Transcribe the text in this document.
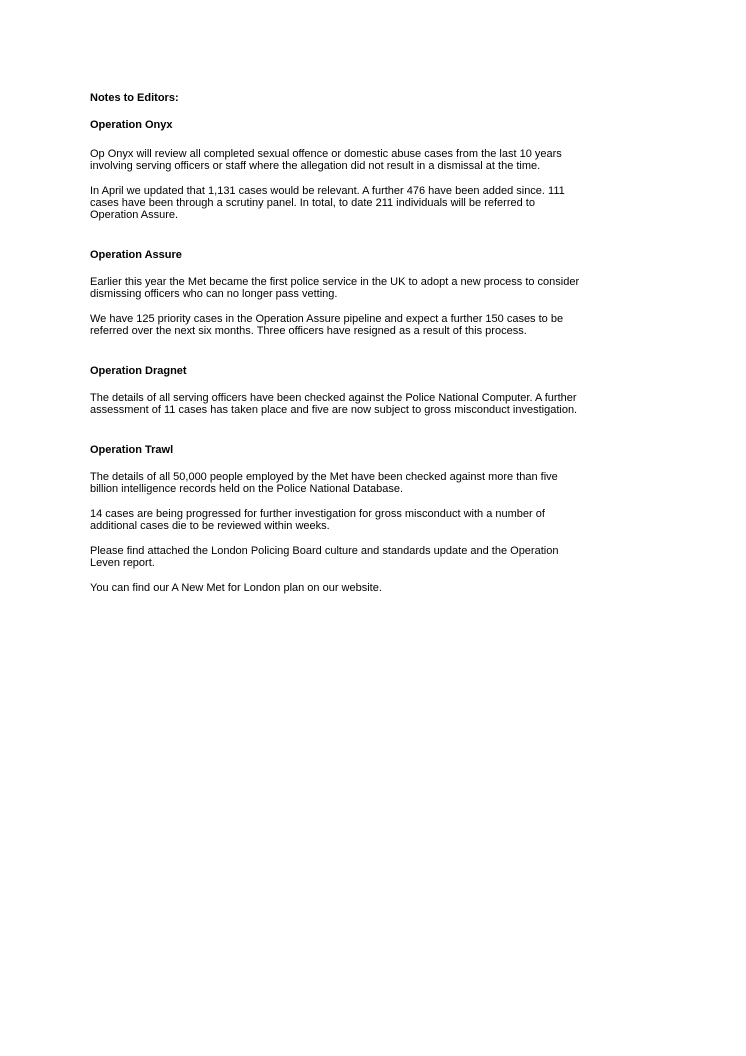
Notes to Editors:

Operation Onyx

Op Onyx will review all completed sexual offence or domestic abuse cases from the last 10 years
involving serving officers or staff where the allegation did not result in a dismissal at the time.

In April we updated that 1,131 cases would be relevant. A further 476 have been added since. 111
cases have been through a scrutiny panel. In total, to date 211 individuals will be referred to
Operation Assure.

Operation Assure

Earlier this year the Met became the first police service in the UK to adopt a new process to consider
dismissing officers who can no longer pass vetting.

We have 125 priority cases in the Operation Assure pipeline and expect a further 150 cases to be
referred over the next six months. Three officers have resigned as a result of this process.

Operation Dragnet

The details of all serving officers have been checked against the Police National Computer. A further
assessment of 11 cases has taken place and five are now subject to gross misconduct investigation.

Operation Trawl

The details of all 50,000 people employed by the Met have been checked against more than five
billion intelligence records held on the Police National Database.

14 cases are being progressed for further investigation for gross misconduct with a number of
additional cases die to be reviewed within weeks.

Please find attached the London Policing Board culture and standards update and the Operation
Leven report.

You can find our A New Met for London plan on our website.
